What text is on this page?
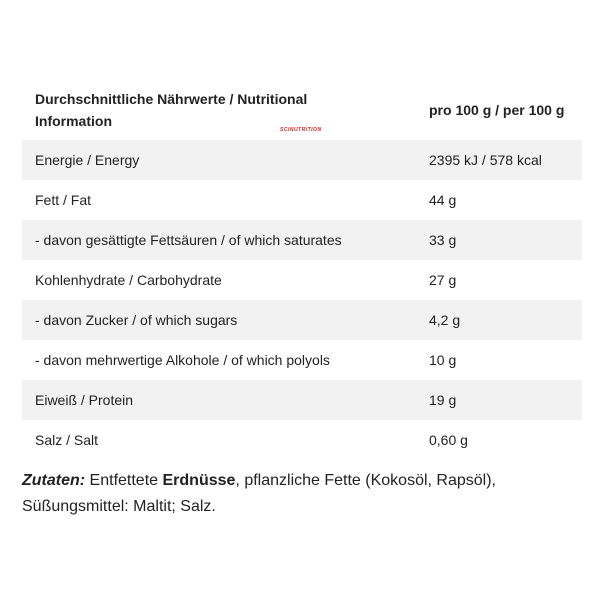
Durchschnittliche Nährwerte / Nutritional Information
SCINUTRITION
pro 100 g / per 100 g
Energie / Energy	2395 kJ / 578 kcal
Fett / Fat	44 g
- davon gesättigte Fettsäuren / of which saturates	33 g
Kohlenhydrate / Carbohydrate	27 g
- davon Zucker / of which sugars	4,2 g
- davon mehrwertige Alkohole / of which polyols	10 g
Eiweiß / Protein	19 g
Salz / Salt	0,60 g
Zutaten: Entfettete Erdnüsse, pflanzliche Fette (Kokosöl, Rapsöl), Süßungsmittel: Maltit; Salz.
